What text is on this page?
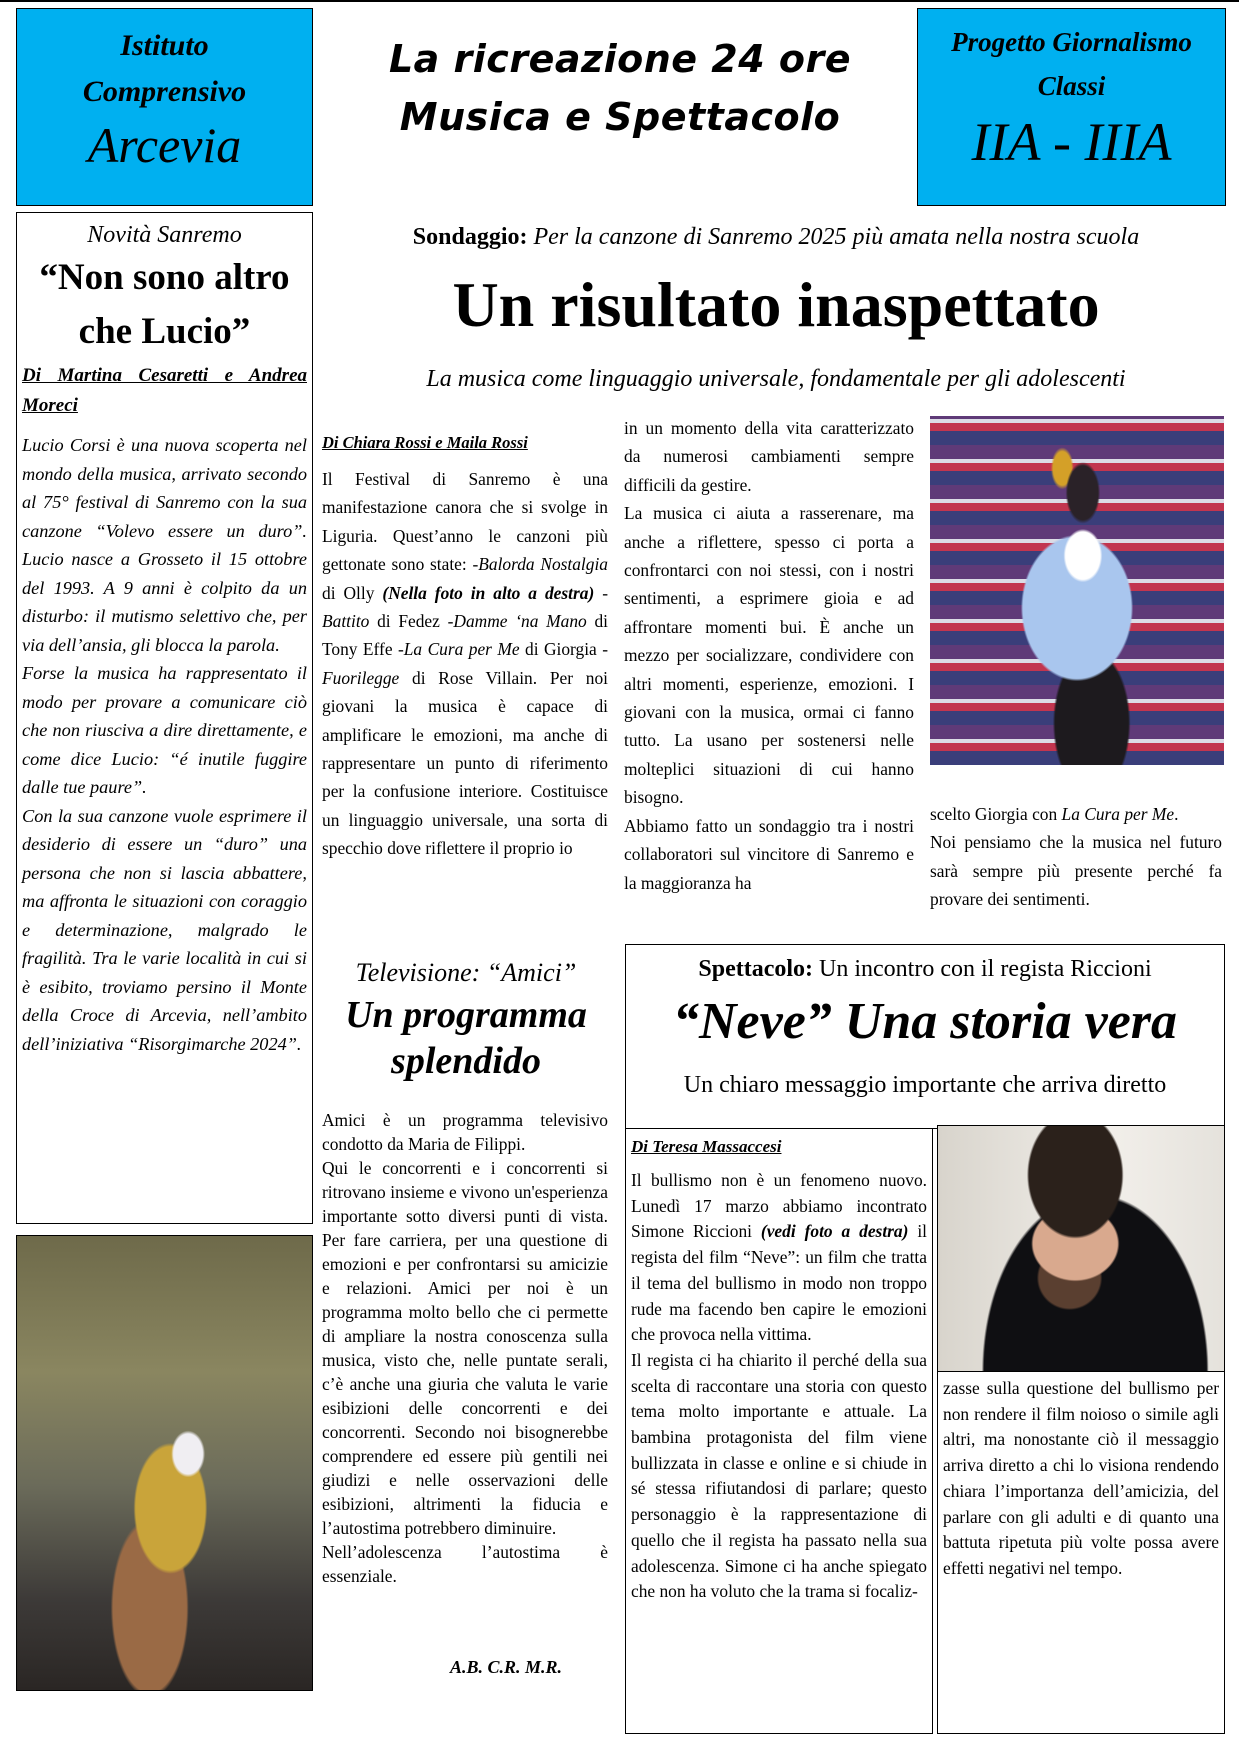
Istituto
Comprensivo
Arcevia
La ricreazione 24 ore
Musica e Spettacolo
Progetto Giornalismo
Classi
IIA - IIIA
Novità Sanremo
“Non sono altro che Lucio”
Di Martina Cesaretti e Andrea Moreci

Lucio Corsi è una nuova scoperta nel mondo della musica, arrivato secondo al 75° festival di Sanremo con la sua canzone “Volevo essere un duro”. Lucio nasce a Grosseto il 15 ottobre del 1993. A 9 anni è colpito da un disturbo: il mutismo selettivo che, per via dell’ansia, gli blocca la parola.

Forse la musica ha rappresentato il modo per provare a comunicare ciò che non riusciva a dire direttamente, e come dice Lucio: “é inutile fuggire dalle tue paure”.

Con la sua canzone vuole esprimere il desiderio di essere un “duro” una persona che non si lascia abbattere, ma affronta le situazioni con coraggio e determinazione, malgrado le fragilità. Tra le varie località in cui si è esibito, troviamo persino il Monte della Croce di Arcevia, nell’ambito dell’iniziativa “Risorgimarche 2024”.

Sondaggio: Per la canzone di Sanremo 2025 più amata nella nostra scuola
Un risultato inaspettato
La musica come linguaggio universale, fondamentale per gli adolescenti
Di Chiara Rossi e Maila Rossi

Il Festival di Sanremo è una manifestazione canora che si svolge in Liguria. Quest’anno le canzoni più gettonate sono state: -Balorda Nostalgia di Olly (Nella foto in alto a destra) -Battito di Fedez -Damme ‘na Mano di Tony Effe -La Cura per Me di Giorgia -Fuorilegge di Rose Villain. Per noi giovani la musica è capace di amplificare le emozioni, ma anche di rappresentare un punto di riferimento per la confusione interiore. Costituisce un linguaggio universale, una sorta di specchio dove riflettere il proprio io

in un momento della vita caratterizzato da numerosi cambiamenti sempre difficili da gestire.

La musica ci aiuta a rasserenare, ma anche a riflettere, spesso ci porta a confrontarci con noi stessi, con i nostri sentimenti, a esprimere gioia e ad affrontare momenti bui. È anche un mezzo per socializzare, condividere con altri momenti, esperienze, emozioni. I giovani con la musica, ormai ci fanno tutto. La usano per sostenersi nelle molteplici situazioni di cui hanno bisogno.

Abbiamo fatto un sondaggio tra i nostri collaboratori sul vincitore di Sanremo e la maggioranza ha

scelto Giorgia con La Cura per Me.

Noi pensiamo che la musica nel futuro sarà sempre più presente perché fa provare dei sentimenti.

Televisione: “Amici”
Un programma splendido

Amici è un programma televisivo condotto da Maria de Filippi.

Qui le concorrenti e i concorrenti si ritrovano insieme e vivono un'esperienza importante sotto diversi punti di vista. Per fare carriera, per una questione di emozioni e per confrontarsi su amicizie e relazioni. Amici per noi è un programma molto bello che ci permette di ampliare la nostra conoscenza sulla musica, visto che, nelle puntate serali, c’è anche una giuria che valuta le varie esibizioni delle concorrenti e dei concorrenti. Secondo noi bisognerebbe comprendere ed essere più gentili nei giudizi e nelle osservazioni delle esibizioni, altrimenti la fiducia e l’autostima potrebbero diminuire.

Nell’adolescenza l’autostima è essenziale.

A.B. C.R. M.R.
Spettacolo: Un incontro con il regista Riccioni
“Neve” Una storia vera
Un chiaro messaggio importante che arriva diretto
Di Teresa Massaccesi

Il bullismo non è un fenomeno nuovo. Lunedì 17 marzo abbiamo incontrato Simone Riccioni (vedi foto a destra) il regista del film “Neve”: un film che tratta il tema del bullismo in modo non troppo rude ma facendo ben capire le emozioni che provoca nella vittima.

Il regista ci ha chiarito il perché della sua scelta di raccontare una storia con questo tema molto importante e attuale. La bambina protagonista del film viene bullizzata in classe e online e si chiude in sé stessa rifiutandosi di parlare; questo personaggio è la rappresentazione di quello che il regista ha passato nella sua adolescenza. Simone ci ha anche spiegato che non ha voluto che la trama si focaliz-

zasse sulla questione del bullismo per non rendere il film noioso o simile agli altri, ma nonostante ciò il messaggio arriva diretto a chi lo visiona rendendo chiara l’importanza dell’amicizia, del parlare con gli adulti e di quanto una battuta ripetuta più volte possa avere effetti negativi nel tempo.
